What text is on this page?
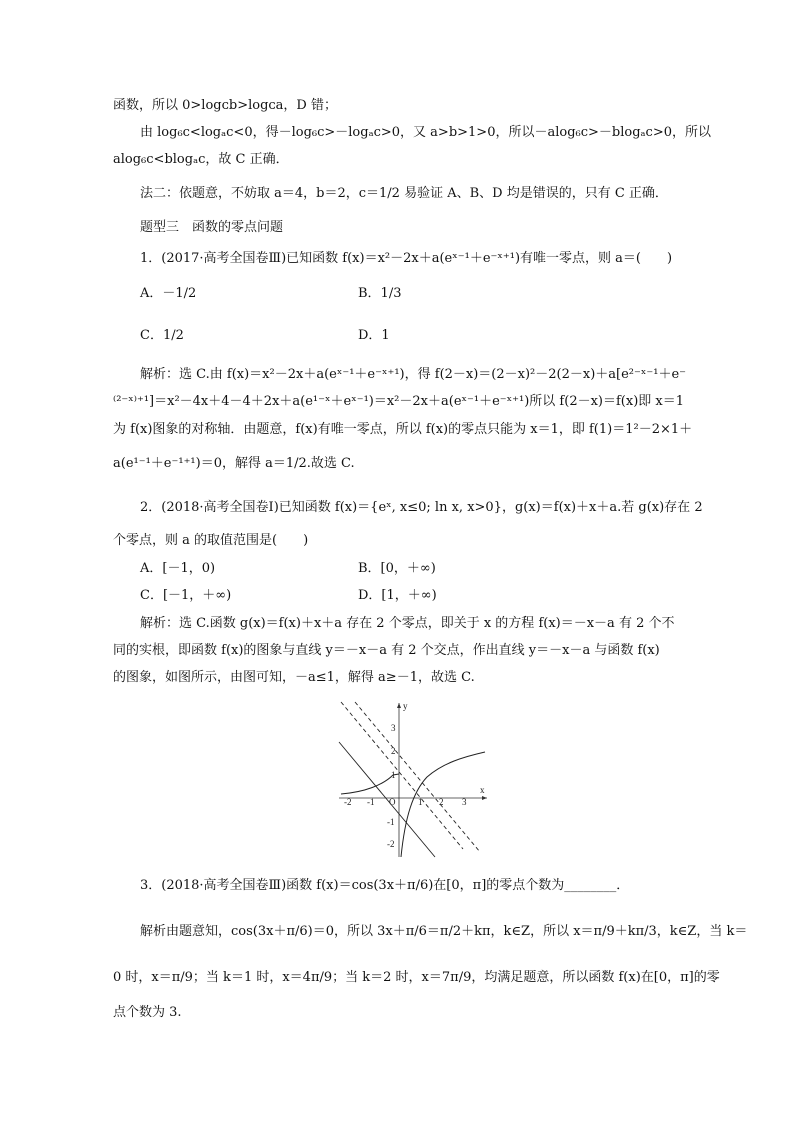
函数，所以 0>logᴄb>logᴄa，D 错；
由 log₆c<logₐc<0，得－log₆c>－logₐc>0，又 a>b>1>0，所以－alog₆c>－blogₐc>0，所以
alog₆c<blogₐc，故 C 正确．
法二：依题意，不妨取 a＝4，b＝2，c＝1/2 易验证 A、B、D 均是错误的，只有 C 正确．
题型三　函数的零点问题
1．(2017·高考全国卷Ⅲ)已知函数 f(x)＝x²－2x＋a(eˣ⁻¹＋e⁻ˣ⁺¹)有唯一零点，则 a＝(　　)
A．－1/2	B．1/3
C．1/2	D．1
解析：选 C.由 f(x)＝x²－2x＋a(eˣ⁻¹＋e⁻ˣ⁺¹)，得 f(2－x)＝(2－x)²－2(2－x)＋a[e²⁻ˣ⁻¹＋e⁻
⁽²⁻ˣ⁾⁺¹]＝x²－4x＋4－4＋2x＋a(e¹⁻ˣ＋eˣ⁻¹)＝x²－2x＋a(eˣ⁻¹＋e⁻ˣ⁺¹)所以 f(2－x)＝f(x)即 x＝1
为 f(x)图象的对称轴．由题意，f(x)有唯一零点，所以 f(x)的零点只能为 x＝1，即 f(1)＝1²－2×1＋
a(e¹⁻¹＋e⁻¹⁺¹)＝0，解得 a＝1/2.故选 C.
2．(2018·高考全国卷Ⅰ)已知函数 f(x)＝{eˣ, x≤0; ln x, x>0}，g(x)＝f(x)＋x＋a.若 g(x)存在 2
个零点，则 a 的取值范围是(　　)
A．[－1，0)	B．[0，＋∞)
C．[－1，＋∞)	D．[1，＋∞)
解析：选 C.函数 g(x)＝f(x)＋x＋a 存在 2 个零点，即关于 x 的方程 f(x)＝－x－a 有 2 个不
同的实根，即函数 f(x)的图象与直线 y＝－x－a 有 2 个交点，作出直线 y＝－x－a 与函数 f(x)
的图象，如图所示，由图可知，－a≤1，解得 a≥－1，故选 C.
x
y
O
-2 -1	1 2 3
3
2
1
-1
-2
3．(2018·高考全国卷Ⅲ)函数 f(x)＝cos(3x＋π/6)在[0，π]的零点个数为________．
解析由题意知，cos(3x＋π/6)＝0，所以 3x＋π/6＝π/2＋kπ，k∈Z，所以 x＝π/9＋kπ/3，k∈Z，当 k＝
0 时，x＝π/9；当 k＝1 时，x＝4π/9；当 k＝2 时，x＝7π/9，均满足题意，所以函数 f(x)在[0，π]的零
点个数为 3.
